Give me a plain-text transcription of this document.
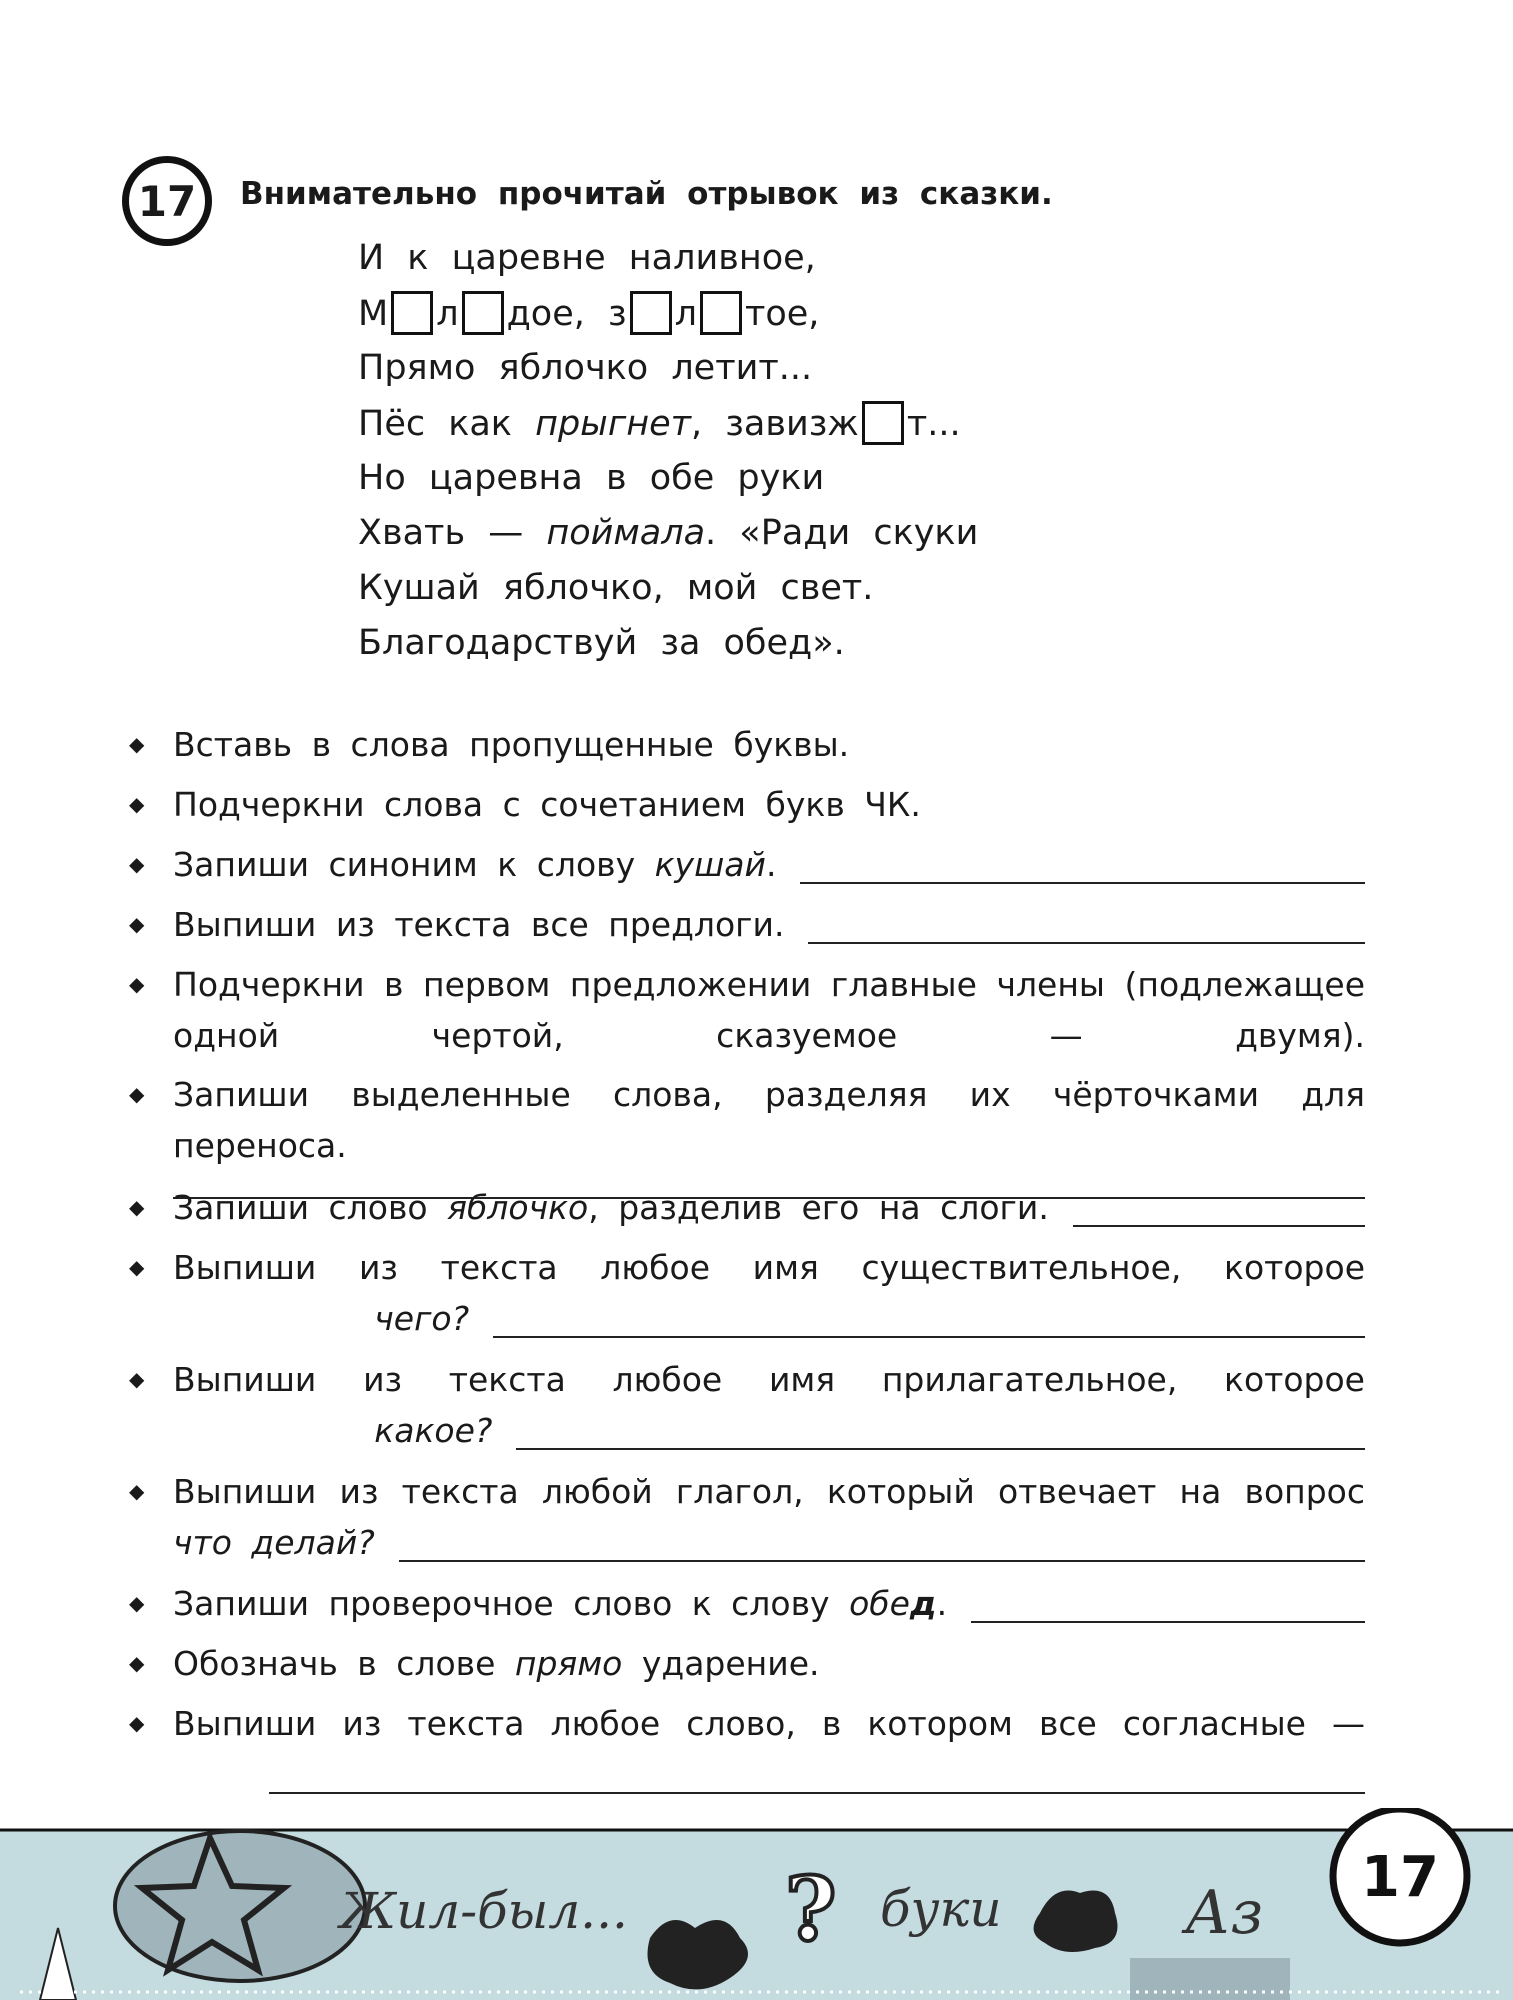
17 Внимательно прочитай отрывок из сказки.
И к царевне наливное,
М л дое, з л тое,
Прямо яблочко летит...
Пёс как прыгнет, завизж т...
Но царевна в обе руки
Хвать — поймала. «Ради скуки
Кушай яблочко, мой свет.
Благодарствуй за обед».
◆ Вставь в слова пропущенные буквы.
◆ Подчеркни слова с сочетанием букв ЧК.
◆ Запиши синоним к слову
кушай .
◆ Выпиши из текста все предлоги.
◆ Подчеркни в первом предложении главные члены (подлежащее одной чертой, сказуемое — двумя).
◆ Запиши выделенные слова, разделяя их чёрточками для переноса.
◆ Запиши слово
яблочко , разделив его на слоги.
◆ Выпиши из текста любое имя существительное, которое

чего?
◆ Выпиши из текста любое имя прилагательное, которое

какое?
◆ Выпиши из текста любой глагол, который отвечает на вопрос
что делай?
◆ Запиши проверочное слово к слову
обе д .
◆ Обозначь в слове прямо ударение.
◆ Выпиши из текста любое слово, в котором все согласные —
Жил-был... ? буки	Аз
17
